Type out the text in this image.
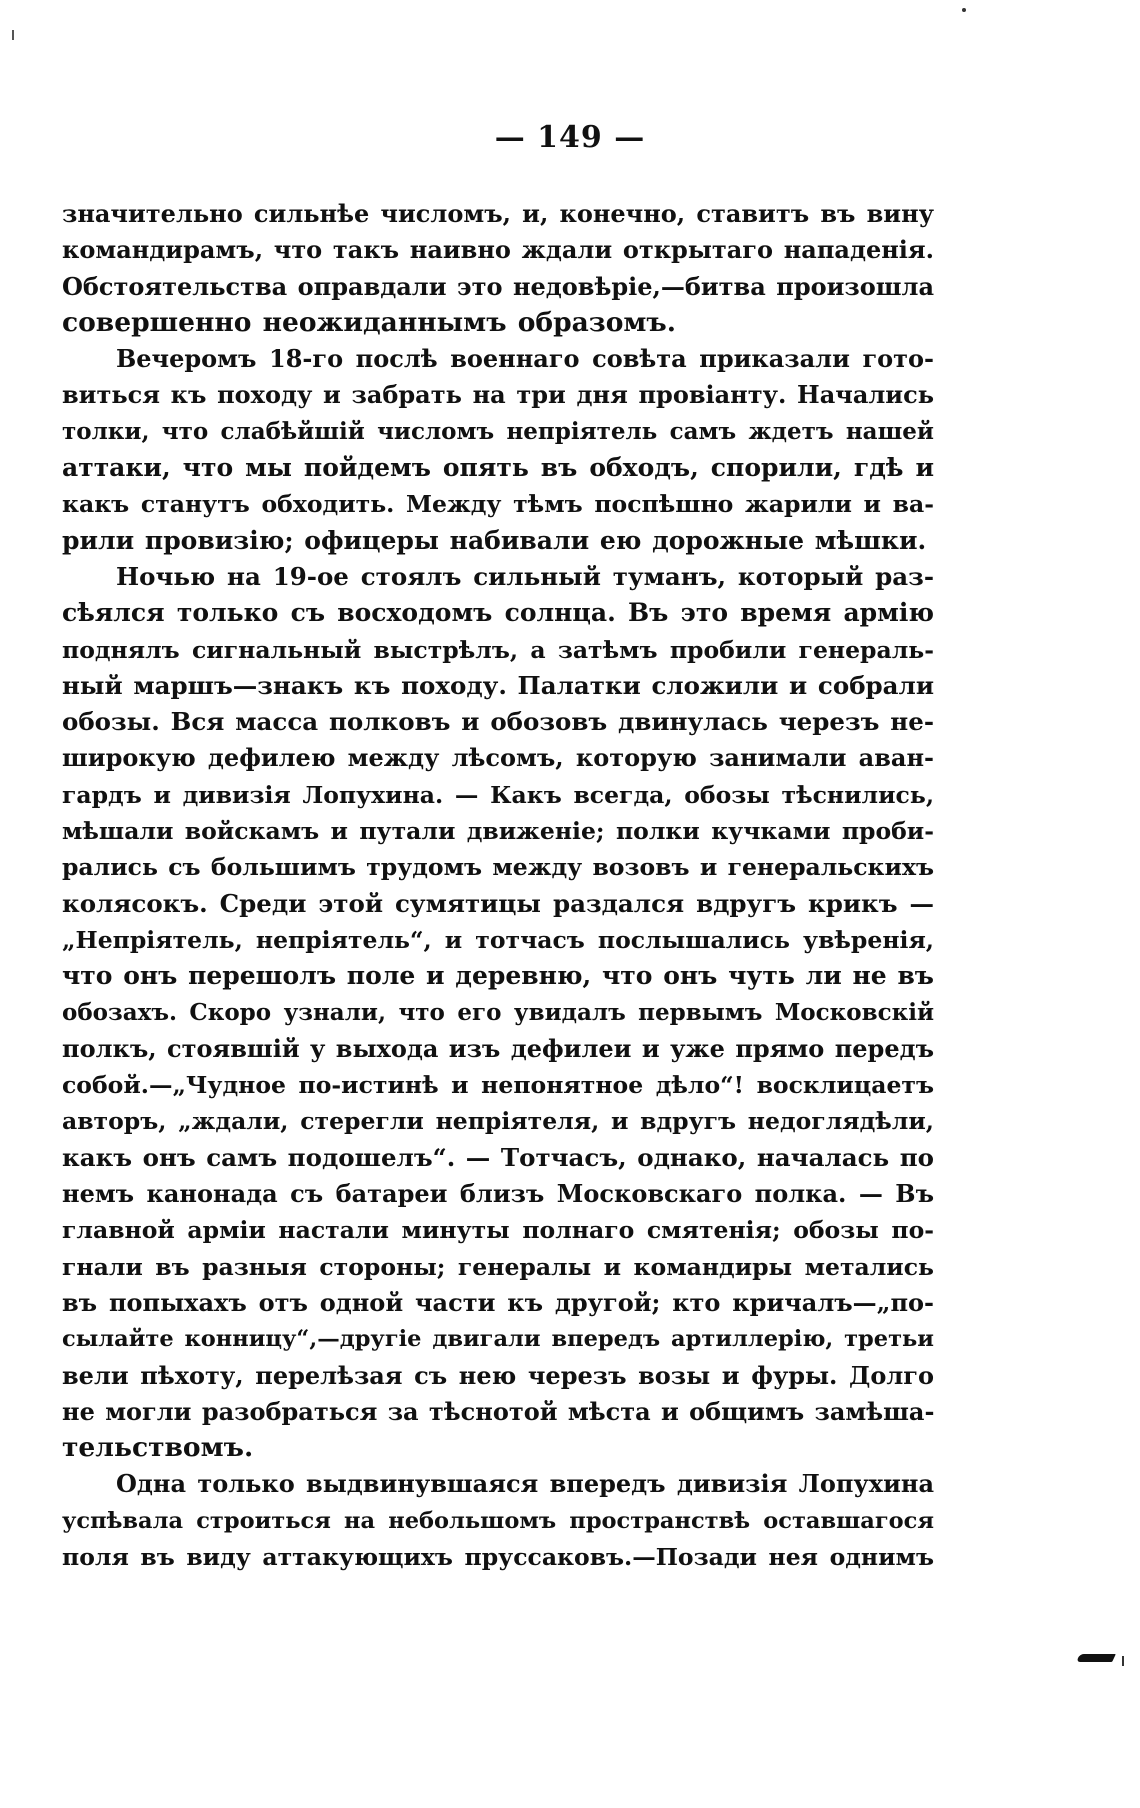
— 149 —
значительно сильнѣе числомъ, и, конечно, ставитъ въ вину
командирамъ, что такъ наивно ждали открытаго нападенія.
Обстоятельства оправдали это недовѣріе,—битва произошла
совершенно неожиданнымъ образомъ.
Вечеромъ 18-го послѣ военнаго совѣта приказали гото-
виться къ походу и забрать на три дня провіанту. Начались
толки, что слабѣйшій числомъ непріятель самъ ждетъ нашей
аттаки, что мы пойдемъ опять въ обходъ, спорили, гдѣ и
какъ станутъ обходить. Между тѣмъ поспѣшно жарили и ва-
рили провизію; офицеры набивали ею дорожные мѣшки.
Ночью на 19-ое стоялъ сильный туманъ, который раз-
сѣялся только съ восходомъ солнца. Въ это время армію
поднялъ сигнальный выстрѣлъ, а затѣмъ пробили генераль-
ный маршъ—знакъ къ походу. Палатки сложили и собрали
обозы. Вся масса полковъ и обозовъ двинулась черезъ не-
широкую дефилею между лѣсомъ, которую занимали аван-
гардъ и дивизія Лопухина. — Какъ всегда, обозы тѣснились,
мѣшали войскамъ и путали движеніе; полки кучками проби-
рались съ большимъ трудомъ между возовъ и генеральскихъ
колясокъ. Среди этой сумятицы раздался вдругъ крикъ —
„Непріятель, непріятель“, и тотчасъ послышались увѣренія,
что онъ перешолъ поле и деревню, что онъ чуть ли не въ
обозахъ. Скоро узнали, что его увидалъ первымъ Московскій
полкъ, стоявшій у выхода изъ дефилеи и уже прямо передъ
собой.—„Чудное по-истинѣ и непонятное дѣло“! восклицаетъ
авторъ, „ждали, стерегли непріятеля, и вдругъ недоглядѣли,
какъ онъ самъ подошелъ“. — Тотчасъ, однако, началась по
немъ канонада съ батареи близъ Московскаго полка. — Въ
главной арміи настали минуты полнаго смятенія; обозы по-
гнали въ разныя стороны; генералы и командиры метались
въ попыхахъ отъ одной части къ другой; кто кричалъ—„по-
сылайте конницу“,—другіе двигали впередъ артиллерію, третьи
вели пѣхоту, перелѣзая съ нею черезъ возы и фуры. Долго
не могли разобраться за тѣснотой мѣста и общимъ замѣша-
тельствомъ.
Одна только выдвинувшаяся впередъ дивизія Лопухина
успѣвала строиться на небольшомъ пространствѣ оставшагося
поля въ виду аттакующихъ пруссаковъ.—Позади нея однимъ
